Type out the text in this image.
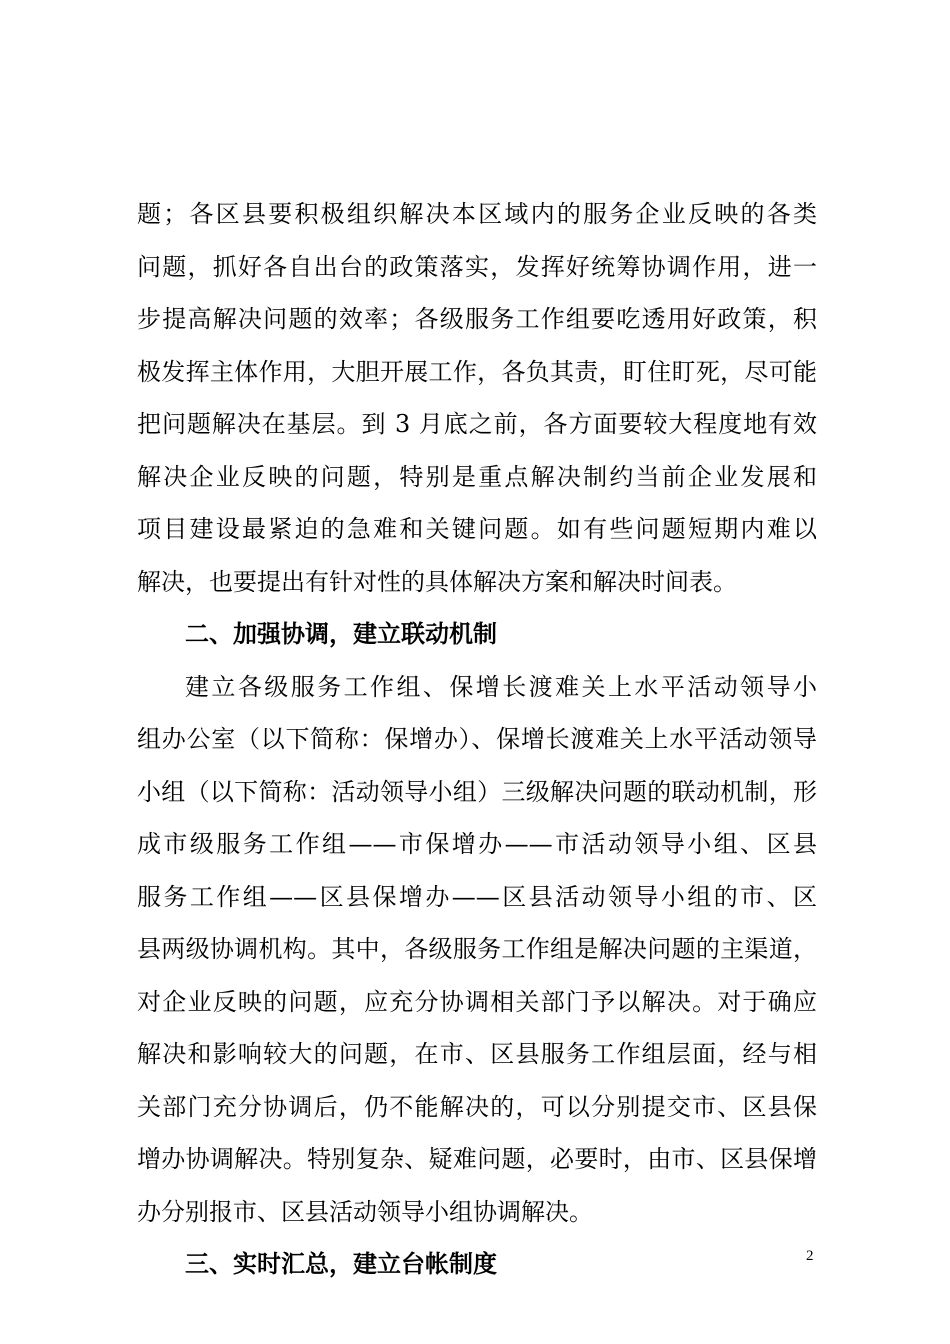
题；各区县要积极组织解决本区域内的服务企业反映的各类
问题，抓好各自出台的政策落实，发挥好统筹协调作用，进一
步提高解决问题的效率；各级服务工作组要吃透用好政策，积
极发挥主体作用，大胆开展工作，各负其责，盯住盯死，尽可能
把问题解决在基层。到 3 月底之前，各方面要较大程度地有效
解决企业反映的问题，特别是重点解决制约当前企业发展和
项目建设最紧迫的急难和关键问题。如有些问题短期内难以
解决，也要提出有针对性的具体解决方案和解决时间表。
二、加强协调，建立联动机制
建立各级服务工作组、保增长渡难关上水平活动领导小
组办公室（以下简称：保增办）、保增长渡难关上水平活动领导
小组（以下简称：活动领导小组）三级解决问题的联动机制，形
成市级服务工作组——市保增办——市活动领导小组、区县
服务工作组——区县保增办——区县活动领导小组的市、区
县两级协调机构。其中，各级服务工作组是解决问题的主渠道，
对企业反映的问题，应充分协调相关部门予以解决。对于确应
解决和影响较大的问题，在市、区县服务工作组层面，经与相
关部门充分协调后，仍不能解决的，可以分别提交市、区县保
增办协调解决。特别复杂、疑难问题，必要时，由市、区县保增
办分别报市、区县活动领导小组协调解决。
三、实时汇总，建立台帐制度	2
